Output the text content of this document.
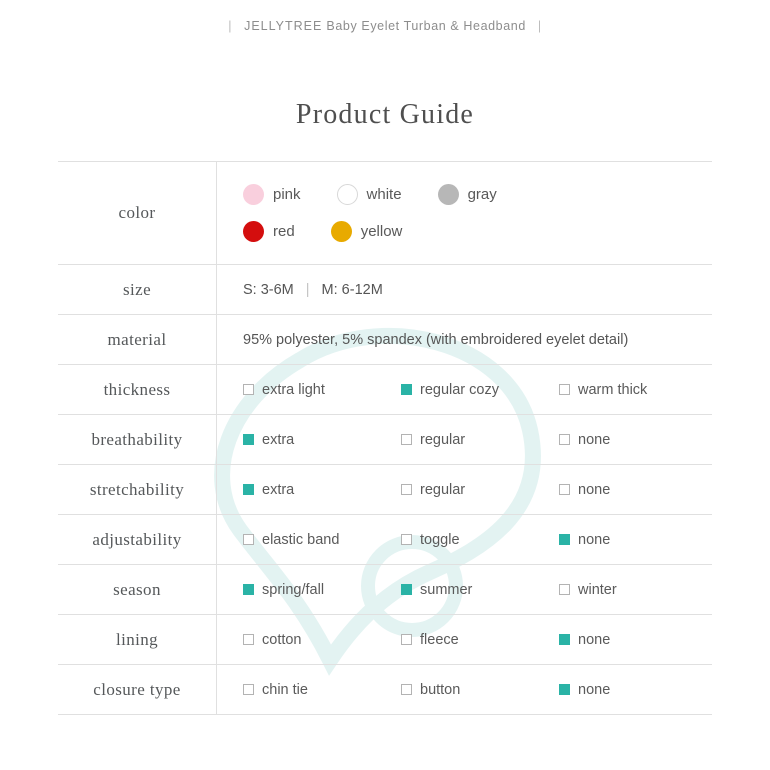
| JELLYTREE Baby Eyelet Turban & Headband |
Product Guide
color	pink white gray
red yellow

size	S: 3-6M | M: 6-12M

material	95% polyester, 5% spandex (with embroidered eyelet detail)

thickness	extra light regular cozy warm thick

breathability	extra regular none

stretchability	extra regular none

adjustability	elastic band toggle none

season	spring/fall summer winter

lining	cotton fleece none

closure type	chin tie button none
